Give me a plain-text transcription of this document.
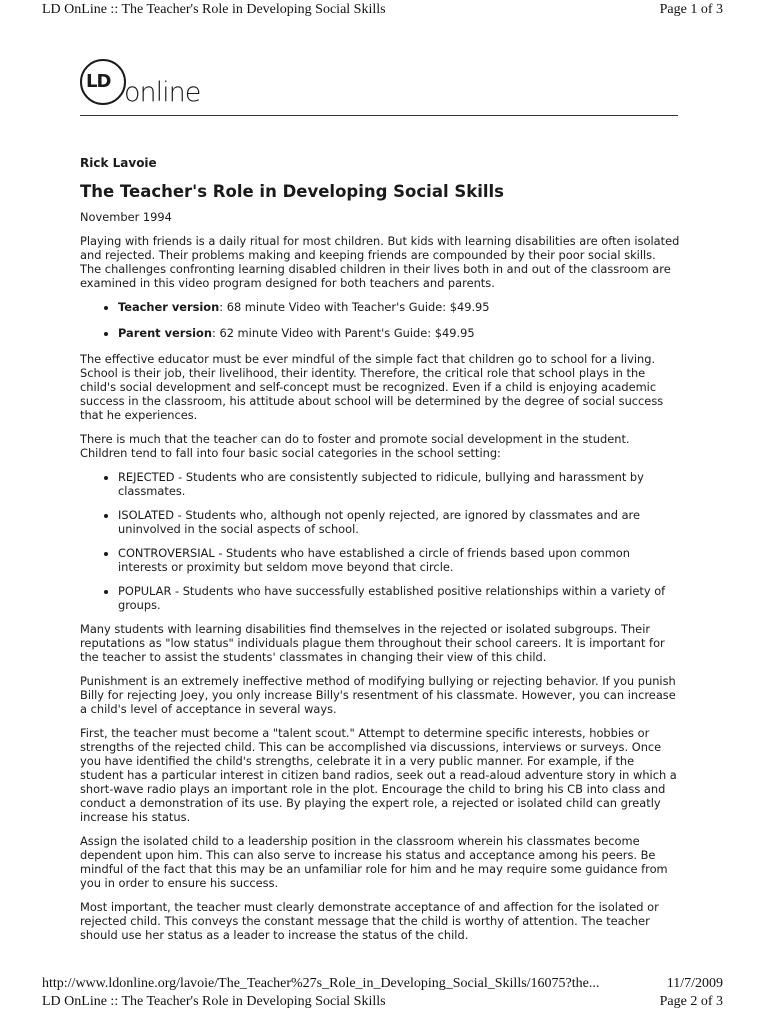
LD OnLine :: The Teacher's Role in Developing Social Skills	Page 1 of 3
LD online
Rick Lavoie
The Teacher's Role in Developing Social Skills
November 1994

Playing with friends is a daily ritual for most children. But kids with learning disabilities are often isolated and rejected. Their problems making and keeping friends are compounded by their poor social skills. The challenges confronting learning disabled children in their lives both in and out of the classroom are examined in this video program designed for both teachers and parents.

• Teacher version: 68 minute Video with Teacher's Guide: $49.95
• Parent version: 62 minute Video with Parent's Guide: $49.95

The effective educator must be ever mindful of the simple fact that children go to school for a living. School is their job, their livelihood, their identity. Therefore, the critical role that school plays in the child's social development and self-concept must be recognized. Even if a child is enjoying academic success in the classroom, his attitude about school will be determined by the degree of social success that he experiences.

There is much that the teacher can do to foster and promote social development in the student. Children tend to fall into four basic social categories in the school setting:

• REJECTED - Students who are consistently subjected to ridicule, bullying and harassment by classmates.
• ISOLATED - Students who, although not openly rejected, are ignored by classmates and are uninvolved in the social aspects of school.
• CONTROVERSIAL - Students who have established a circle of friends based upon common interests or proximity but seldom move beyond that circle.
• POPULAR - Students who have successfully established positive relationships within a variety of groups.

Many students with learning disabilities find themselves in the rejected or isolated subgroups. Their reputations as "low status" individuals plague them throughout their school careers. It is important for the teacher to assist the students' classmates in changing their view of this child.

Punishment is an extremely ineffective method of modifying bullying or rejecting behavior. If you punish Billy for rejecting Joey, you only increase Billy's resentment of his classmate. However, you can increase a child's level of acceptance in several ways.

First, the teacher must become a "talent scout." Attempt to determine specific interests, hobbies or strengths of the rejected child. This can be accomplished via discussions, interviews or surveys. Once you have identified the child's strengths, celebrate it in a very public manner. For example, if the student has a particular interest in citizen band radios, seek out a read-aloud adventure story in which a short-wave radio plays an important role in the plot. Encourage the child to bring his CB into class and conduct a demonstration of its use. By playing the expert role, a rejected or isolated child can greatly increase his status.

Assign the isolated child to a leadership position in the classroom wherein his classmates become dependent upon him. This can also serve to increase his status and acceptance among his peers. Be mindful of the fact that this may be an unfamiliar role for him and he may require some guidance from you in order to ensure his success.

Most important, the teacher must clearly demonstrate acceptance of and affection for the isolated or rejected child. This conveys the constant message that the child is worthy of attention. The teacher should use her status as a leader to increase the status of the child.

http://www.ldonline.org/lavoie/The_Teacher%27s_Role_in_Developing_Social_Skills/16075?the...	11/7/2009
LD OnLine :: The Teacher's Role in Developing Social Skills	Page 2 of 3
